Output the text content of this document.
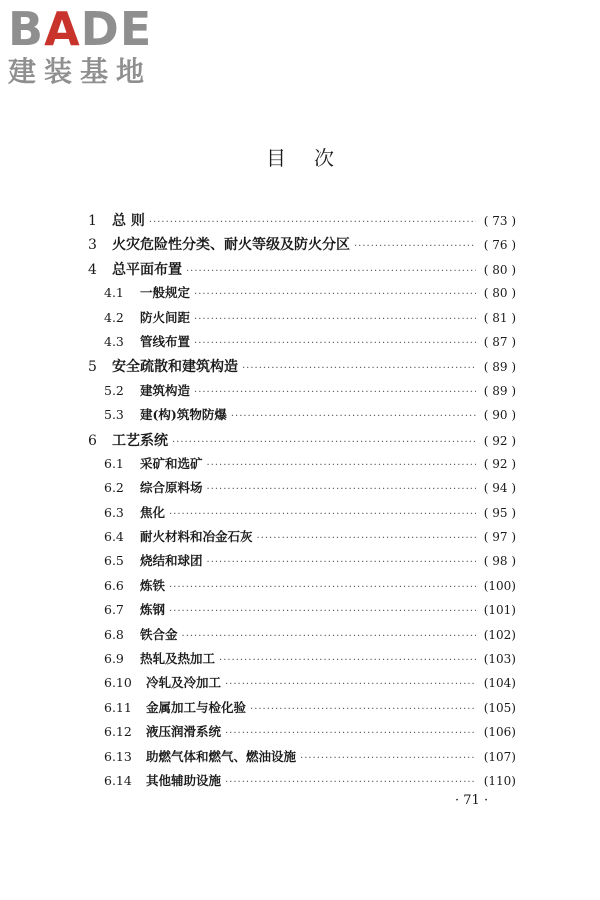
BADE
建装基地
目次
1	总 则 ·····	( 73 )
3	火灾危险性分类、耐火等级及防火分区 ·····	( 76 )
4	总平面布置 ·····	( 80 )
4.1	一般规定 ·····	( 80 )
4.2	防火间距 ·····	( 81 )
4.3	管线布置 ·····	( 87 )
5	安全疏散和建筑构造 ·····	( 89 )
5.2	建筑构造 ·····	( 89 )
5.3	建(构)筑物防爆 ·····	( 90 )
6	工艺系统 ·····	( 92 )
6.1	采矿和选矿 ·····	( 92 )
6.2	综合原料场 ·····	( 94 )
6.3	焦化 ·····	( 95 )
6.4	耐火材料和冶金石灰 ·····	( 97 )
6.5	烧结和球团 ·····	( 98 )
6.6	炼铁 ·····	(100)
6.7	炼钢 ·····	(101)
6.8	铁合金 ·····	(102)
6.9	热轧及热加工 ·····	(103)
6.10	冷轧及冷加工 ·····	(104)
6.11	金属加工与检化验 ·····	(105)
6.12	液压润滑系统 ·····	(106)
6.13	助燃气体和燃气、燃油设施 ·····	(107)
6.14	其他辅助设施 ·····	(110)
· 71 ·
